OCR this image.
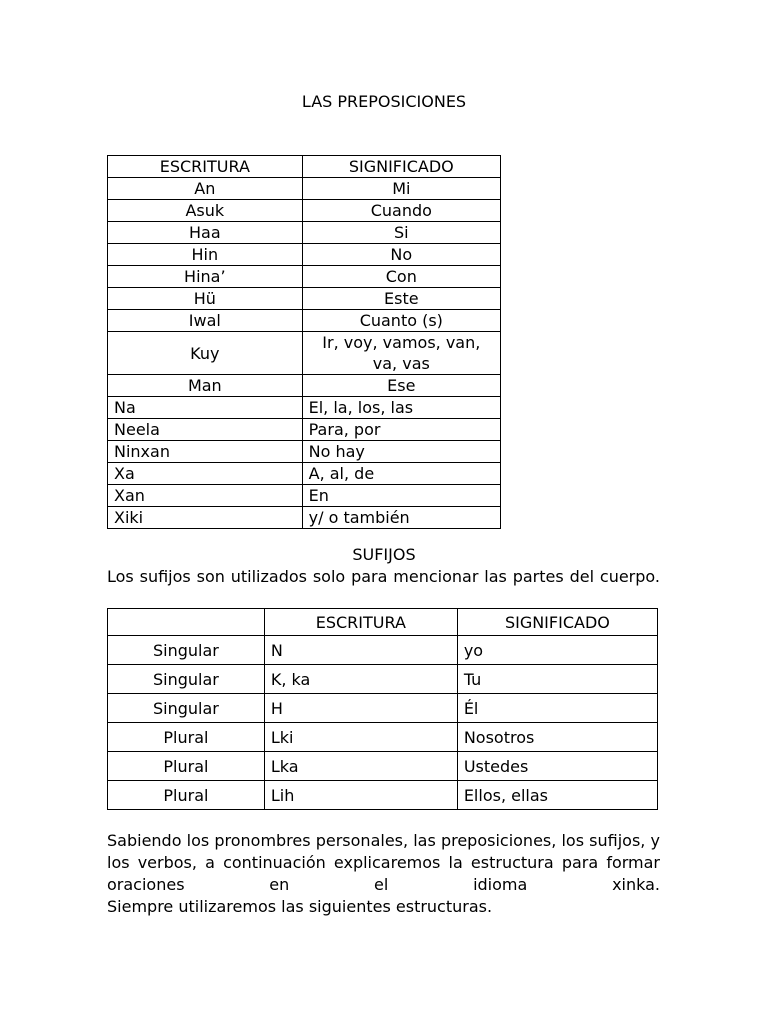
LAS PREPOSICIONES
ESCRITURA	SIGNIFICADO
An	Mi
Asuk	Cuando
Haa	Si
Hin	No
Hina’	Con
Hü	Este
Iwal	Cuanto (s)
Kuy	Ir, voy, vamos, van, va, vas
Man	Ese
Na	El, la, los, las
Neela	Para, por
Ninxan	No hay
Xa	A, al, de
Xan	En
Xiki	y/ o también
SUFIJOS
Los sufijos son utilizados solo para mencionar las partes del cuerpo.
	ESCRITURA	SIGNIFICADO
Singular	N	yo
Singular	K, ka	Tu
Singular	H	Él
Plural	Lki	Nosotros
Plural	Lka	Ustedes
Plural	Lih	Ellos, ellas
Sabiendo los pronombres personales, las preposiciones, los sufijos, y los verbos, a continuación explicaremos la estructura para formar oraciones en el idioma xinka.
Siempre utilizaremos las siguientes estructuras.
